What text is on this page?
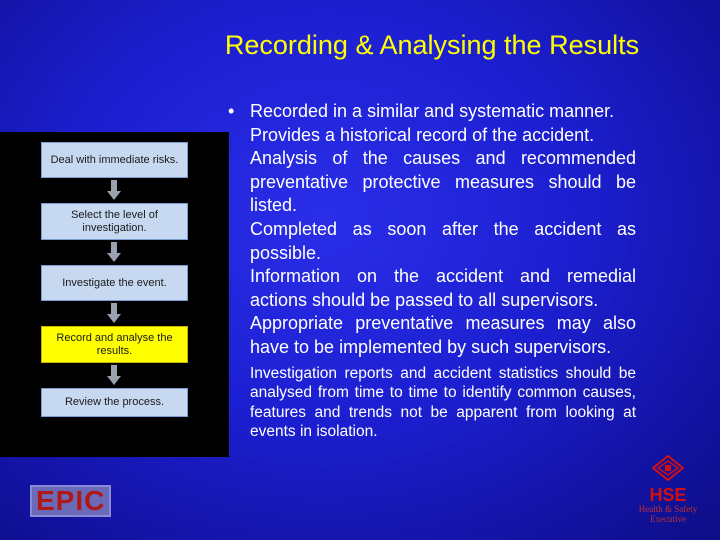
Recording & Analysing the Results
• Recorded in a similar and systematic manner.
Provides a historical record of the accident.
Analysis of the causes and recommended preventative protective measures should be listed.
Completed as soon after the accident as possible.
Information on the accident and remedial actions should be passed to all supervisors.
Appropriate preventative measures may also have to be implemented by such supervisors.
Investigation reports and accident statistics should be analysed from time to time to identify common causes, features and trends not be apparent from looking at events in isolation.
Deal with immediate risks.
Select the level of investigation.
Investigate the event.
Record and analyse the results.
Review the process.
EPIC	HSE
Health & Safety
Executive
